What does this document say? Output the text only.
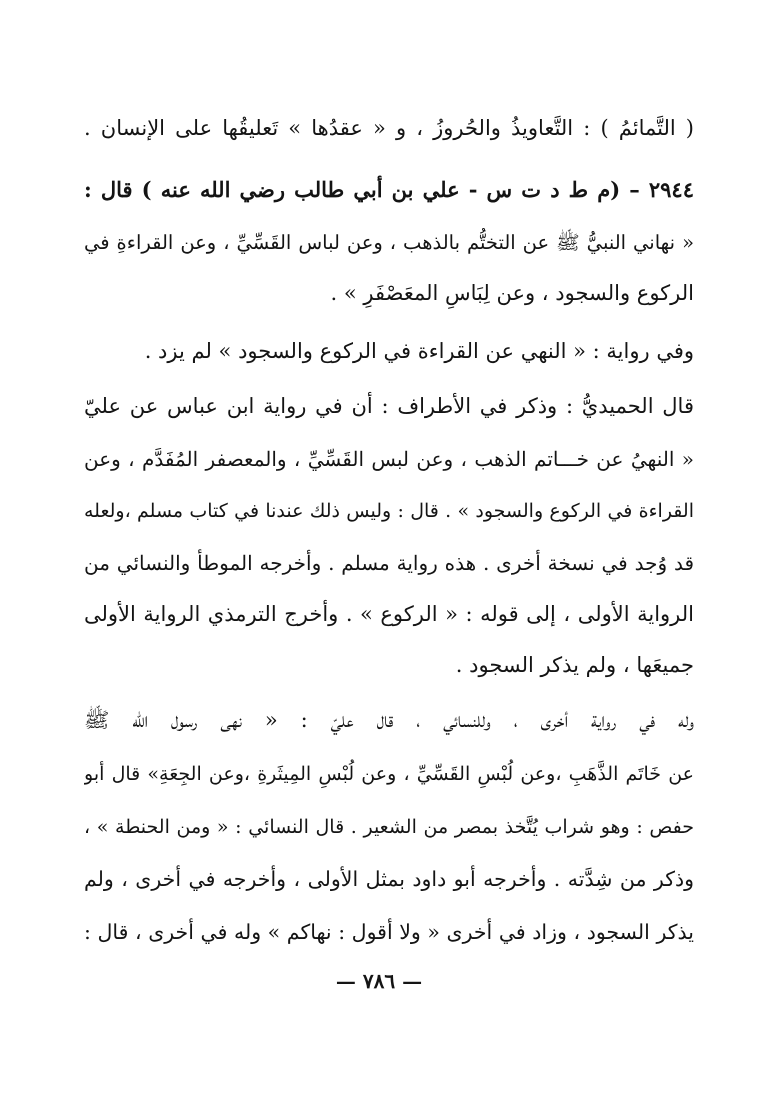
( التَّمائمُ ) : التَّعاويذُ والحُروزُ ، و « عقدُها » تَعليقُها على الإنسان .
٢٩٤٤ – (م ط د ت س - علي بن أبي طالب رضي الله عنه ) قال :
« نهاني النبيُّ ﷺ عن التختُّم بالذهب ، وعن لباس القَسِّيِّ ، وعن القراءةِ في
الركوع والسجود ، وعن لِبَاسِ المعَصْفَرِ » .
وفي رواية : « النهي عن القراءة في الركوع والسجود » لم يزد .
قال الحميديُّ : وذكر في الأطراف : أن في رواية ابن عباس عن عليّ
« النهيُ عن خـــاتم الذهب ، وعن لبس القَسِّيِّ ، والمعصفر المُفَدَّم ، وعن
القراءة في الركوع والسجود » . قال : وليس ذلك عندنا في كتاب مسلم ،ولعله
قد وُجد في نسخة أخرى . هذه رواية مسلم . وأخرجه الموطأ والنسائي من
الرواية الأولى ، إلى قوله : « الركوع » . وأخرج الترمذي الرواية الأولى
جميعَها ، ولم يذكر السجود .
وله في رواية أخرى ، وللنسائي ، قال عليّ : « نهى رسول الله ﷺ
عن خَاتَم الذَّهَبِ ،وعن لُبْسِ القَسِّيِّ ، وعن لُبْسِ المِيثَرةِ ،وعن الجِعَةِ» قال أبو
حفص : وهو شراب يُتَّخذ بمصر من الشعير . قال النسائي : « ومن الحنطة » ،
وذكر من شِدَّته . وأخرجه أبو داود بمثل الأولى ، وأخرجه في أخرى ، ولم
يذكر السجود ، وزاد في أخرى « ولا أقول : نهاكم » وله في أخرى ، قال :
— ٧٨٦ —
